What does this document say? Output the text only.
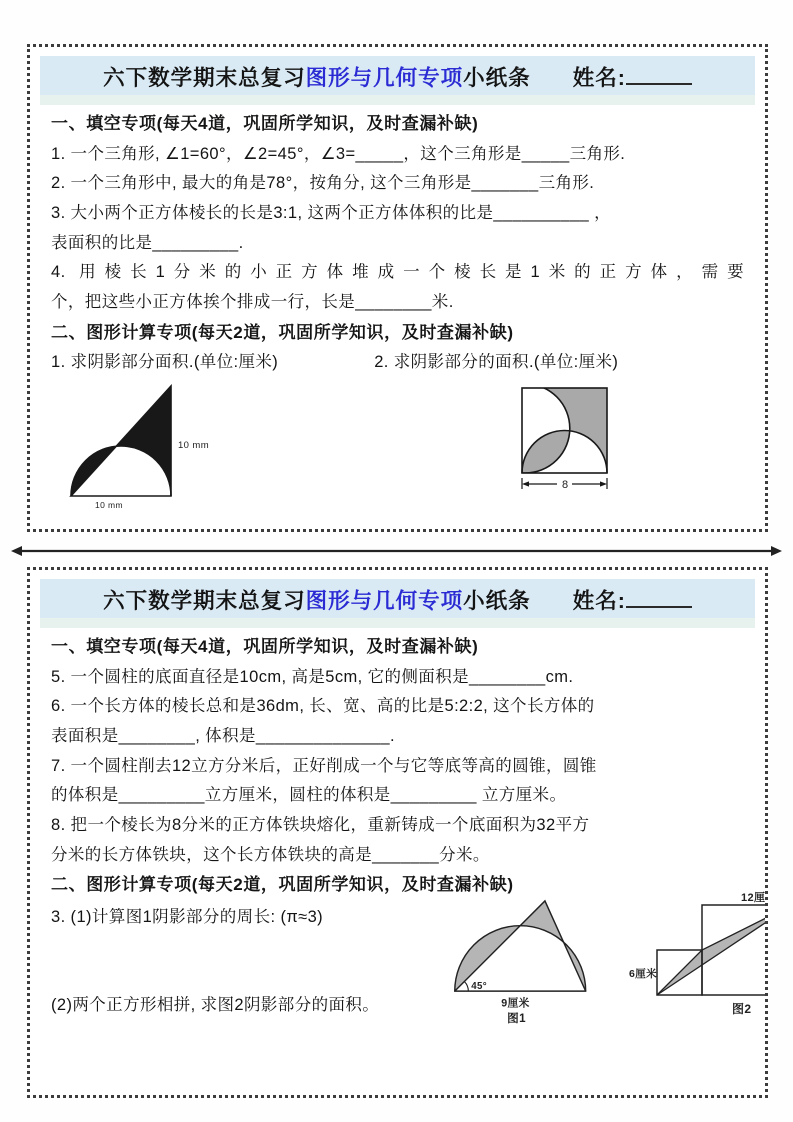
六下数学期末总复习图形与几何专项小纸条 姓名:

一、填空专项(每天4道，巩固所学知识，及时查漏补缺)

1. 一个三角形, ∠1=60°，∠2=45°，∠3=_____，这个三角形是_____三角形.

2. 一个三角形中, 最大的角是78°，按角分, 这个三角形是_______三角形.

3. 大小两个正方体棱长的长是3:1, 这两个正方体体积的比是__________ ，

表面积的比是_________.

4. 用棱长1分米的小正方体堆成一个棱长是1米的正方体，需要

个，把这些小正方体挨个排成一行，长是________米.

二、图形计算专项(每天2道，巩固所学知识，及时查漏补缺)

1. 求阴影部分面积.(单位:厘米)	2. 求阴影部分的面积.(单位:厘米)

10 mm
10 mm
8
六下数学期末总复习图形与几何专项小纸条 姓名:

一、填空专项(每天4道，巩固所学知识，及时查漏补缺)

5. 一个圆柱的底面直径是10cm, 高是5cm, 它的侧面积是________cm.

6. 一个长方体的棱长总和是36dm, 长、宽、高的比是5:2:2, 这个长方体的

表面积是________, 体积是______________.

7. 一个圆柱削去12立方分米后，正好削成一个与它等底等高的圆锥，圆锥

的体积是_________立方厘米，圆柱的体积是_________ 立方厘米。

8. 把一个棱长为8分米的正方体铁块熔化，重新铸成一个底面积为32平方

分米的长方体铁块，这个长方体铁块的高是_______分米。

二、图形计算专项(每天2道，巩固所学知识，及时查漏补缺)

3. (1)计算图1阴影部分的周长: (π≈3)

(2)两个正方形相拼, 求图2阴影部分的面积。

45°
9厘米
图1
12厘米
6厘米
图2
